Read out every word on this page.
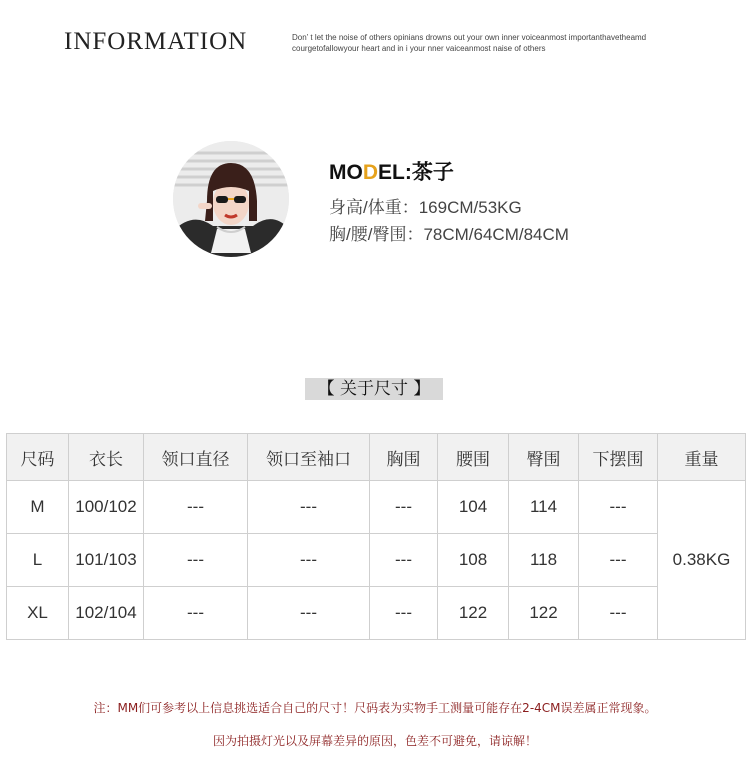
INFORMATION	Don’ t let the noise of others opinians drowns out your own inner voiceanmost importanthavetheamd
courgetofallowyour heart and in i your nner vaiceanmost naise of others
MODEL:茶子
身高/体重：169CM/53KG
胸/腰/臀围：78CM/64CM/84CM
【 关于尺寸 】
尺码	衣长	领口直径	领口至袖口	胸围	腰围	臀围	下摆围	重量
M	100/102	---	---	---	104	114	---	0.38KG
L	101/103	---	---	---	108	118	---	
XL	102/104	---	---	---	122	122	---	
注：MM们可参考以上信息挑选适合自己的尺寸！尺码表为实物手工测量可能存在2-4CM误差属正常现象。
因为拍摄灯光以及屏幕差异的原因，色差不可避免，请谅解！
